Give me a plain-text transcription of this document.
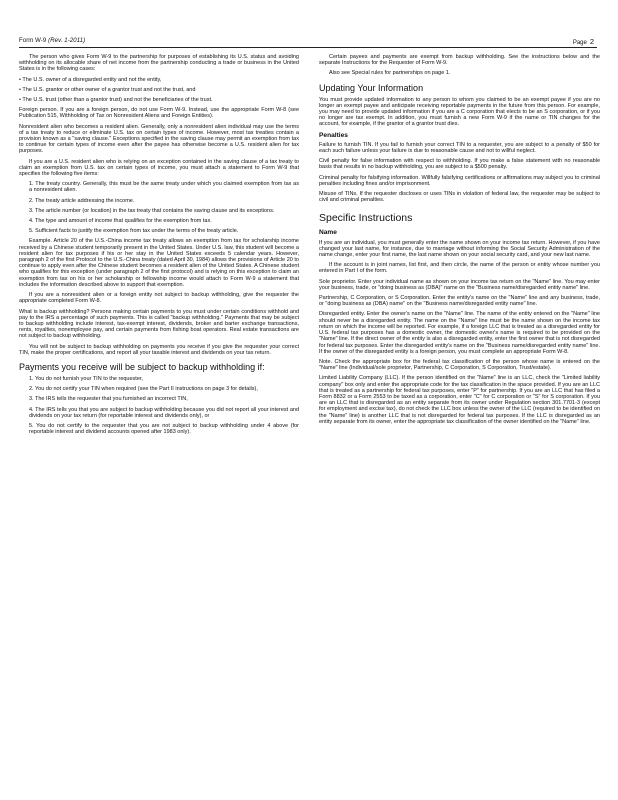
Form W-9 (Rev. 1-2011)	Page 2

The person who gives Form W-9 to the partnership for purposes of establishing its U.S. status and avoiding withholding on its allocable share of net income from the partnership conducting a trade or business in the United States is in the following cases:

• The U.S. owner of a disregarded entity and not the entity,

• The U.S. grantor or other owner of a grantor trust and not the trust, and

• The U.S. trust (other than a grantor trust) and not the beneficiaries of the trust.

Foreign person. If you are a foreign person, do not use Form W-9. Instead, use the appropriate Form W-8 (see Publication 515, Withholding of Tax on Nonresident Aliens and Foreign Entities).

Nonresident alien who becomes a resident alien. Generally, only a nonresident alien individual may use the terms of a tax treaty to reduce or eliminate U.S. tax on certain types of income. However, most tax treaties contain a provision known as a "saving clause." Exceptions specified in the saving clause may permit an exemption from tax to continue for certain types of income even after the payee has otherwise become a U.S. resident alien for tax purposes.

If you are a U.S. resident alien who is relying on an exception contained in the saving clause of a tax treaty to claim an exemption from U.S. tax on certain types of income, you must attach a statement to Form W-9 that specifies the following five items:

1. The treaty country. Generally, this must be the same treaty under which you claimed exemption from tax as a nonresident alien.

2. The treaty article addressing the income.

3. The article number (or location) in the tax treaty that contains the saving clause and its exceptions.

4. The type and amount of income that qualifies for the exemption from tax.

5. Sufficient facts to justify the exemption from tax under the terms of the treaty article.

Example. Article 20 of the U.S.-China income tax treaty allows an exemption from tax for scholarship income received by a Chinese student temporarily present in the United States. Under U.S. law, this student will become a resident alien for tax purposes if his or her stay in the United States exceeds 5 calendar years. However, paragraph 2 of the first Protocol to the U.S.-China treaty (dated April 30, 1984) allows the provisions of Article 20 to continue to apply even after the Chinese student becomes a resident alien of the United States. A Chinese student who qualifies for this exception (under paragraph 2 of the first protocol) and is relying on this exception to claim an exemption from tax on his or her scholarship or fellowship income would attach to Form W-9 a statement that includes the information described above to support that exemption.

If you are a nonresident alien or a foreign entity not subject to backup withholding, give the requester the appropriate completed Form W-8.

What is backup withholding? Persons making certain payments to you must under certain conditions withhold and pay to the IRS a percentage of such payments. This is called "backup withholding." Payments that may be subject to backup withholding include interest, tax-exempt interest, dividends, broker and barter exchange transactions, rents, royalties, nonemployee pay, and certain payments from fishing boat operators. Real estate transactions are not subject to backup withholding.

You will not be subject to backup withholding on payments you receive if you give the requester your correct TIN, make the proper certifications, and report all your taxable interest and dividends on your tax return.

Payments you receive will be subject to backup withholding if:

1. You do not furnish your TIN to the requester,

2. You do not certify your TIN when required (see the Part II instructions on page 3 for details),

3. The IRS tells the requester that you furnished an incorrect TIN,

4. The IRS tells you that you are subject to backup withholding because you did not report all your interest and dividends on your tax return (for reportable interest and dividends only), or

5. You do not certify to the requester that you are not subject to backup withholding under 4 above (for reportable interest and dividend accounts opened after 1983 only).

Certain payees and payments are exempt from backup withholding. See the instructions below and the separate Instructions for the Requester of Form W-9.

Also see Special rules for partnerships on page 1.

Updating Your Information

You must provide updated information to any person to whom you claimed to be an exempt payee if you are no longer an exempt payee and anticipate receiving reportable payments in the future from this person. For example, you may need to provide updated information if you are a C corporation that elects to be an S corporation, or if you no longer are tax exempt. In addition, you must furnish a new Form W-9 if the name or TIN changes for the account, for example, if the grantor of a grantor trust dies.

Penalties

Failure to furnish TIN. If you fail to furnish your correct TIN to a requester, you are subject to a penalty of $50 for each such failure unless your failure is due to reasonable cause and not to willful neglect.

Civil penalty for false information with respect to withholding. If you make a false statement with no reasonable basis that results in no backup withholding, you are subject to a $500 penalty.

Criminal penalty for falsifying information. Willfully falsifying certifications or affirmations may subject you to criminal penalties including fines and/or imprisonment.

Misuse of TINs. If the requester discloses or uses TINs in violation of federal law, the requester may be subject to civil and criminal penalties.

Specific Instructions
Name

If you are an individual, you must generally enter the name shown on your income tax return. However, if you have changed your last name, for instance, due to marriage without informing the Social Security Administration of the name change, enter your first name, the last name shown on your social security card, and your new last name.

If the account is in joint names, list first, and then circle, the name of the person or entity whose number you entered in Part I of the form.

Sole proprietor. Enter your individual name as shown on your income tax return on the "Name" line. You may enter your business, trade, or "doing business as (DBA)" name on the "Business name/disregarded entity name" line.

Partnership, C Corporation, or S Corporation. Enter the entity's name on the "Name" line and any business, trade, or "doing business as (DBA) name" on the "Business name/disregarded entity name" line.

Disregarded entity. Enter the owner's name on the "Name" line. The name of the entity entered on the "Name" line should never be a disregarded entity. The name on the "Name" line must be the name shown on the income tax return on which the income will be reported. For example, if a foreign LLC that is treated as a disregarded entity for U.S. federal tax purposes has a domestic owner, the domestic owner's name is required to be provided on the "Name" line. If the direct owner of the entity is also a disregarded entity, enter the first owner that is not disregarded for federal tax purposes. Enter the disregarded entity's name on the "Business name/disregarded entity name" line. If the owner of the disregarded entity is a foreign person, you must complete an appropriate Form W-8.

Note. Check the appropriate box for the federal tax classification of the person whose name is entered on the "Name" line (Individual/sole proprietor, Partnership, C Corporation, S Corporation, Trust/estate).

Limited Liability Company (LLC). If the person identified on the "Name" line is an LLC, check the "Limited liability company" box only and enter the appropriate code for the tax classification in the space provided. If you are an LLC that is treated as a partnership for federal tax purposes, enter "P" for partnership. If you are an LLC that has filed a Form 8832 or a Form 2553 to be taxed as a corporation, enter "C" for C corporation or "S" for S corporation. If you are an LLC that is disregarded as an entity separate from its owner under Regulation section 301.7701-3 (except for employment and excise tax), do not check the LLC box unless the owner of the LLC (required to be identified on the "Name" line) is another LLC that is not disregarded for federal tax purposes. If the LLC is disregarded as an entity separate from its owner, enter the appropriate tax classification of the owner identified on the "Name" line.
